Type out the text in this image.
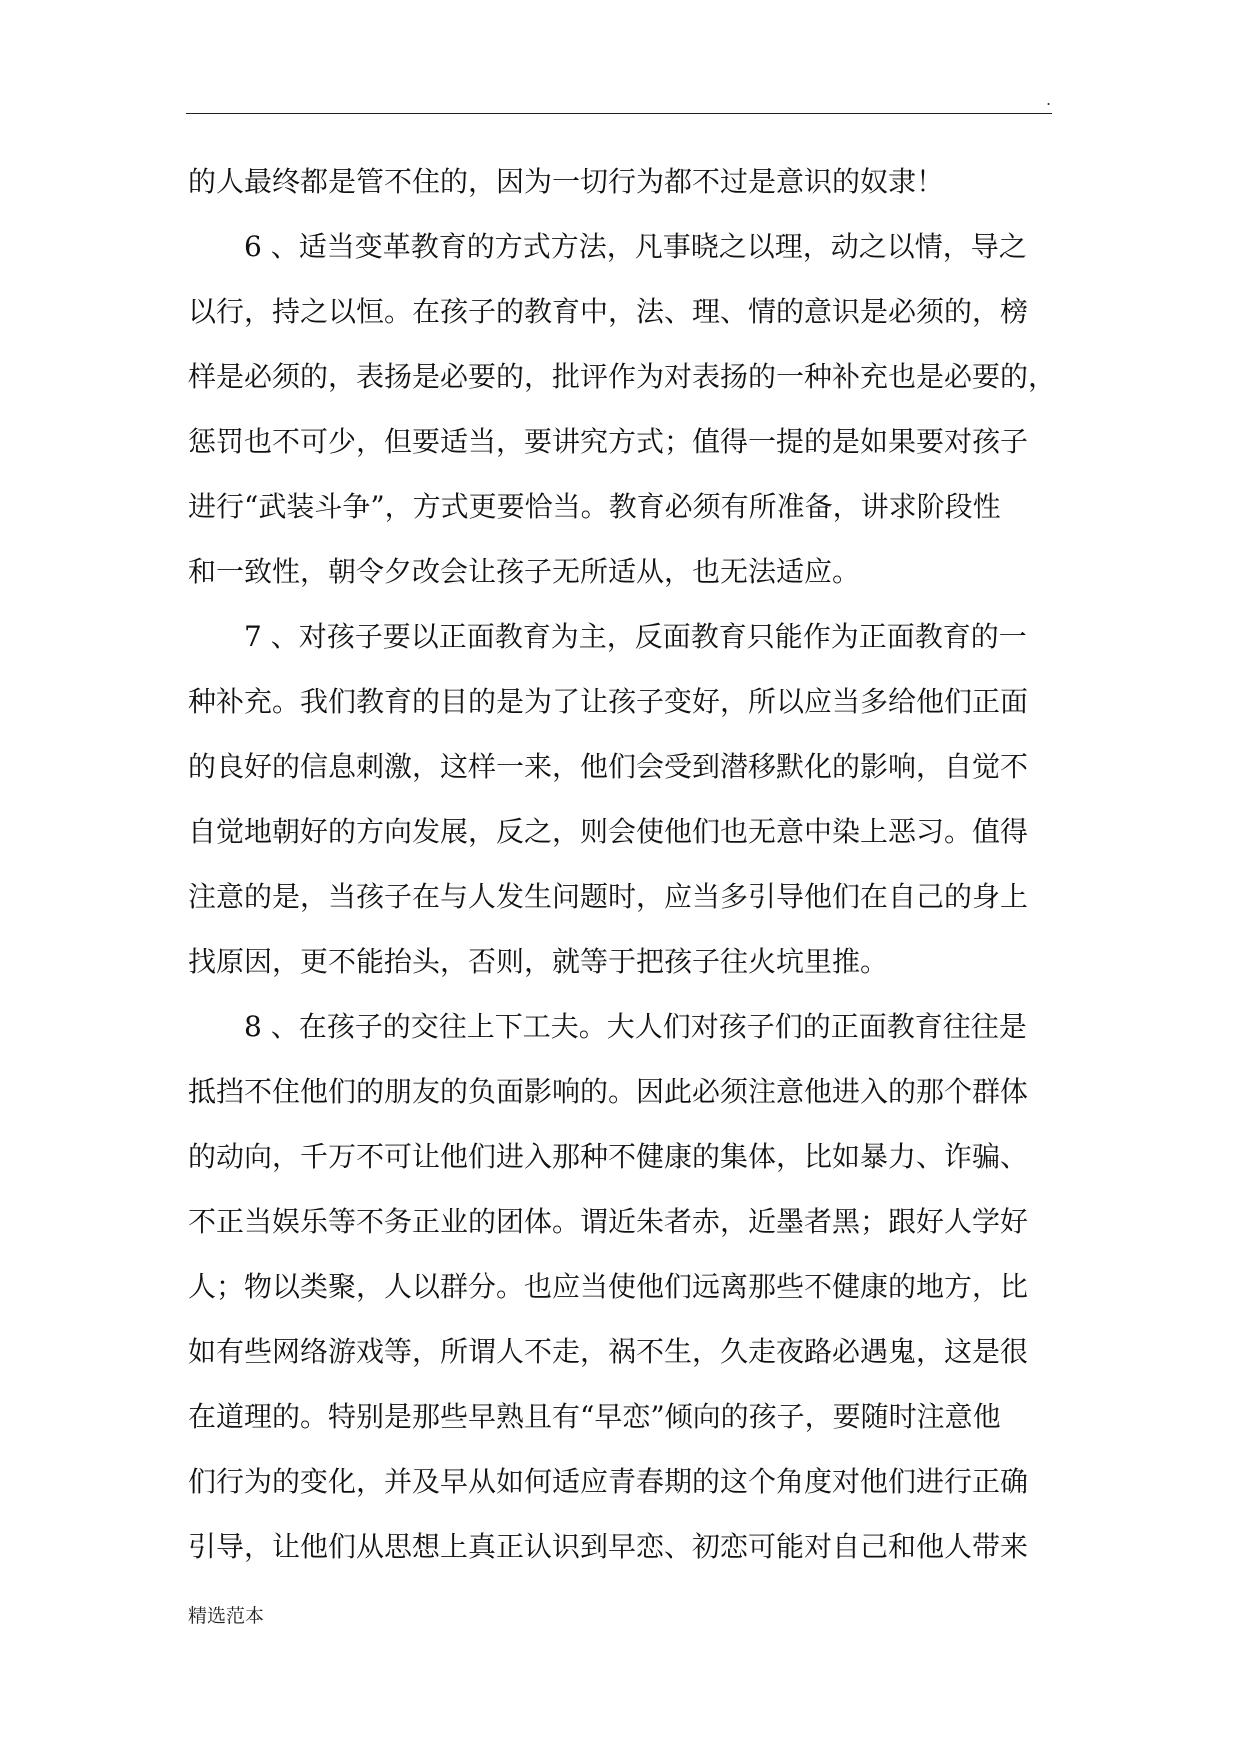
.
的人最终都是管不住的，因为一切行为都不过是意识的奴隶！
　　6 、适当变革教育的方式方法，凡事晓之以理，动之以情，导之
以行，持之以恒。在孩子的教育中，法、理、情的意识是必须的，榜
样是必须的，表扬是必要的，批评作为对表扬的一种补充也是必要的，
惩罚也不可少，但要适当，要讲究方式；值得一提的是如果要对孩子
进行“武装斗争”，方式更要恰当。教育必须有所准备，讲求阶段性
和一致性，朝令夕改会让孩子无所适从，也无法适应。
　　7 、对孩子要以正面教育为主，反面教育只能作为正面教育的一
种补充。我们教育的目的是为了让孩子变好，所以应当多给他们正面
的良好的信息刺激，这样一来，他们会受到潜移默化的影响，自觉不
自觉地朝好的方向发展，反之，则会使他们也无意中染上恶习。值得
注意的是，当孩子在与人发生问题时，应当多引导他们在自己的身上
找原因，更不能抬头，否则，就等于把孩子往火坑里推。
　　8 、在孩子的交往上下工夫。大人们对孩子们的正面教育往往是
抵挡不住他们的朋友的负面影响的。因此必须注意他进入的那个群体
的动向，千万不可让他们进入那种不健康的集体，比如暴力、诈骗、
不正当娱乐等不务正业的团体。谓近朱者赤，近墨者黑；跟好人学好
人；物以类聚，人以群分。也应当使他们远离那些不健康的地方，比
如有些网络游戏等，所谓人不走，祸不生，久走夜路必遇鬼，这是很
在道理的。特别是那些早熟且有“早恋”倾向的孩子，要随时注意他
们行为的变化，并及早从如何适应青春期的这个角度对他们进行正确
引导，让他们从思想上真正认识到早恋、初恋可能对自己和他人带来
精选范本
